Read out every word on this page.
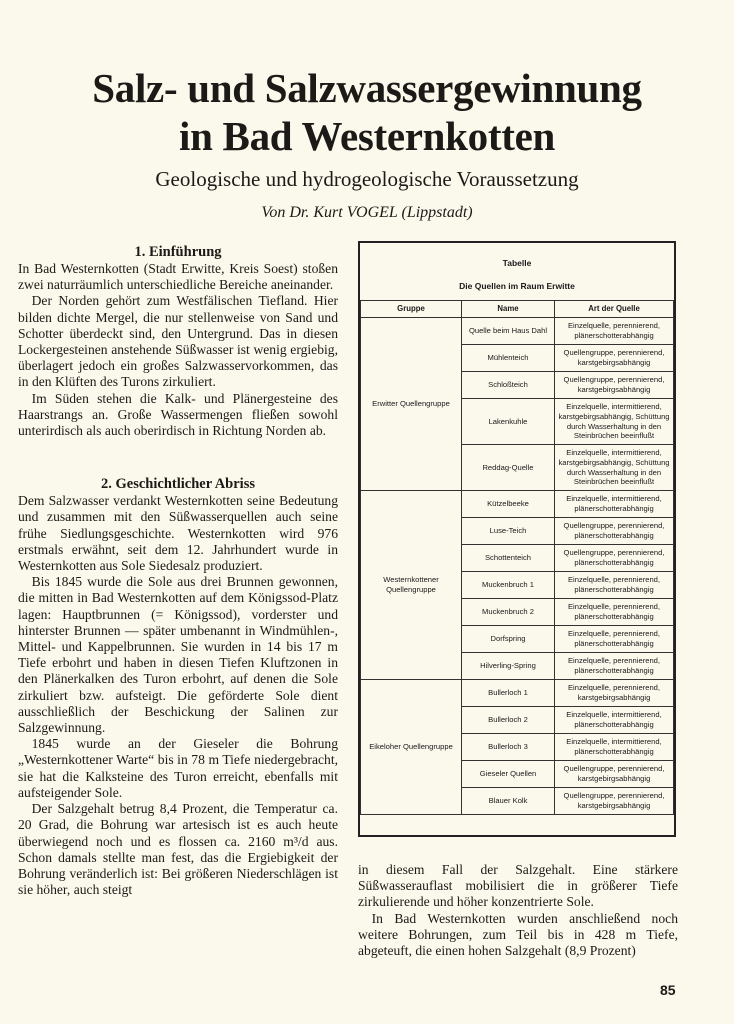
Salz- und Salzwassergewinnung
in Bad Westernkotten
Geologische und hydrogeologische Voraussetzung
Von Dr. Kurt VOGEL (Lippstadt)
1. Einführung

In Bad Westernkotten (Stadt Erwitte, Kreis Soest) stoßen zwei naturräumlich unterschiedliche Bereiche aneinander.

Der Norden gehört zum Westfälischen Tiefland. Hier bilden dichte Mergel, die nur stellenweise von Sand und Schotter überdeckt sind, den Untergrund. Das in diesen Lockergesteinen anstehende Süßwasser ist wenig ergiebig, überlagert jedoch ein großes Salzwasservorkommen, das in den Klüften des Turons zirkuliert.

Im Süden stehen die Kalk- und Plänergesteine des Haarstrangs an. Große Wassermengen fließen sowohl unterirdisch als auch oberirdisch in Richtung Norden ab.

2. Geschichtlicher Abriss

Dem Salzwasser verdankt Westernkotten seine Bedeutung und zusammen mit den Süßwasserquellen auch seine frühe Siedlungsgeschichte. Westernkotten wird 976 erstmals erwähnt, seit dem 12. Jahrhundert wurde in Westernkotten aus Sole Siedesalz produziert.

Bis 1845 wurde die Sole aus drei Brunnen gewonnen, die mitten in Bad Westernkotten auf dem Königssod-Platz lagen: Hauptbrunnen (= Königssod), vorderster und hinterster Brunnen — später umbenannt in Windmühlen-, Mittel- und Kappelbrunnen. Sie wurden in 14 bis 17 m Tiefe erbohrt und haben in diesen Tiefen Kluftzonen in den Plänerkalken des Turon erbohrt, auf denen die Sole zirkuliert bzw. aufsteigt. Die geförderte Sole dient ausschließlich der Beschickung der Salinen zur Salzgewinnung.

1845 wurde an der Gieseler die Bohrung „Westernkottener Warte“ bis in 78 m Tiefe niedergebracht, sie hat die Kalksteine des Turon erreicht, ebenfalls mit aufsteigender Sole.

Der Salzgehalt betrug 8,4 Prozent, die Temperatur ca. 20 Grad, die Bohrung war artesisch ist es auch heute überwiegend noch und es flossen ca. 2160 m³/d aus. Schon damals stellte man fest, das die Ergiebigkeit der Bohrung veränderlich ist: Bei größeren Niederschlägen ist sie höher, auch steigt

Tabelle
Die Quellen im Raum Erwitte
Gruppe	Name	Art der Quelle
Erwitter Quellengruppe	Quelle beim Haus Dahl	Einzelquelle, perennierend, plänerschotterabhängig
	Mühlenteich	Quellengruppe, perennierend, karstgebirgsabhängig
	Schloßteich	Quellengruppe, perennierend, karstgebirgsabhängig
	Lakenkuhle	Einzelquelle, intermittierend, karstgebirgsabhängig, Schüttung durch Wasserhaltung in den Steinbrüchen beeinflußt
	Reddag-Quelle	Einzelquelle, intermittierend, karstgebirgsabhängig, Schüttung durch Wasserhaltung in den Steinbrüchen beeinflußt
Westernkottener Quellengruppe	Kützelbeeke	Einzelquelle, intermittierend, plänerschotterabhängig
	Luse-Teich	Quellengruppe, perennierend, plänerschotterabhängig
	Schottenteich	Quellengruppe, perennierend, plänerschotterabhängig
	Muckenbruch 1	Einzelquelle, perennierend, plänerschotterabhängig
	Muckenbruch 2	Einzelquelle, perennierend, plänerschotterabhängig
	Dorfspring	Einzelquelle, perennierend, plänerschotterabhängig
	Hilverling-Spring	Einzelquelle, perennierend, plänerschotterabhängig
Eikeloher Quellengruppe	Bullerloch 1	Einzelquelle, perennierend, karstgebirgsabhängig
	Bullerloch 2	Einzelquelle, intermittierend, plänerschotterabhängig
	Bullerloch 3	Einzelquelle, intermittierend, plänerschotterabhängig
	Gieseler Quellen	Quellengruppe, perennierend, karstgebirgsabhängig
	Blauer Kolk	Quellengruppe, perennierend, karstgebirgsabhängig

in diesem Fall der Salzgehalt. Eine stärkere Süßwasserauflast mobilisiert die in größerer Tiefe zirkulierende und höher konzentrierte Sole.

In Bad Westernkotten wurden anschließend noch weitere Bohrungen, zum Teil bis in 428 m Tiefe, abgeteuft, die einen hohen Salzgehalt (8,9 Prozent)

85
